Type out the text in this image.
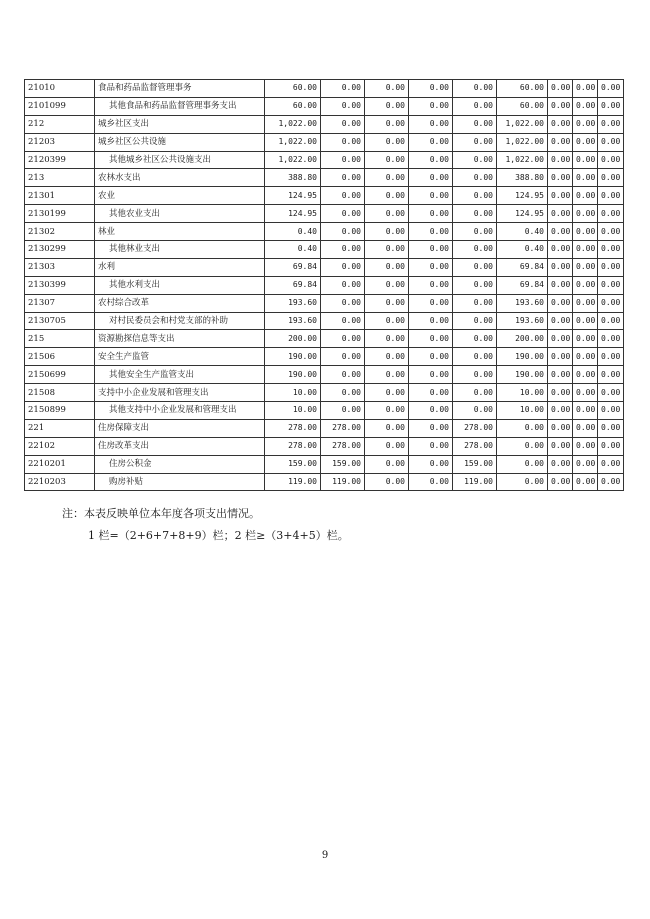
21010	食品和药品监督管理事务	60.00	0.00	0.00	0.00	0.00	60.00	0.00	0.00	0.00
2101099	其他食品和药品监督管理事务支出	60.00	0.00	0.00	0.00	0.00	60.00	0.00	0.00	0.00
212	城乡社区支出	1,022.00	0.00	0.00	0.00	0.00	1,022.00	0.00	0.00	0.00
21203	城乡社区公共设施	1,022.00	0.00	0.00	0.00	0.00	1,022.00	0.00	0.00	0.00
2120399	其他城乡社区公共设施支出	1,022.00	0.00	0.00	0.00	0.00	1,022.00	0.00	0.00	0.00
213	农林水支出	388.80	0.00	0.00	0.00	0.00	388.80	0.00	0.00	0.00
21301	农业	124.95	0.00	0.00	0.00	0.00	124.95	0.00	0.00	0.00
2130199	其他农业支出	124.95	0.00	0.00	0.00	0.00	124.95	0.00	0.00	0.00
21302	林业	0.40	0.00	0.00	0.00	0.00	0.40	0.00	0.00	0.00
2130299	其他林业支出	0.40	0.00	0.00	0.00	0.00	0.40	0.00	0.00	0.00
21303	水利	69.84	0.00	0.00	0.00	0.00	69.84	0.00	0.00	0.00
2130399	其他水利支出	69.84	0.00	0.00	0.00	0.00	69.84	0.00	0.00	0.00
21307	农村综合改革	193.60	0.00	0.00	0.00	0.00	193.60	0.00	0.00	0.00
2130705	对村民委员会和村党支部的补助	193.60	0.00	0.00	0.00	0.00	193.60	0.00	0.00	0.00
215	资源勘探信息等支出	200.00	0.00	0.00	0.00	0.00	200.00	0.00	0.00	0.00
21506	安全生产监管	190.00	0.00	0.00	0.00	0.00	190.00	0.00	0.00	0.00
2150699	其他安全生产监管支出	190.00	0.00	0.00	0.00	0.00	190.00	0.00	0.00	0.00
21508	支持中小企业发展和管理支出	10.00	0.00	0.00	0.00	0.00	10.00	0.00	0.00	0.00
2150899	其他支持中小企业发展和管理支出	10.00	0.00	0.00	0.00	0.00	10.00	0.00	0.00	0.00
221	住房保障支出	278.00	278.00	0.00	0.00	278.00	0.00	0.00	0.00	0.00
22102	住房改革支出	278.00	278.00	0.00	0.00	278.00	0.00	0.00	0.00	0.00
2210201	住房公积金	159.00	159.00	0.00	0.00	159.00	0.00	0.00	0.00	0.00
2210203	购房补贴	119.00	119.00	0.00	0.00	119.00	0.00	0.00	0.00	0.00
注：本表反映单位本年度各项支出情况。
1 栏=（2+6+7+8+9）栏；2 栏≥（3+4+5）栏。
9
